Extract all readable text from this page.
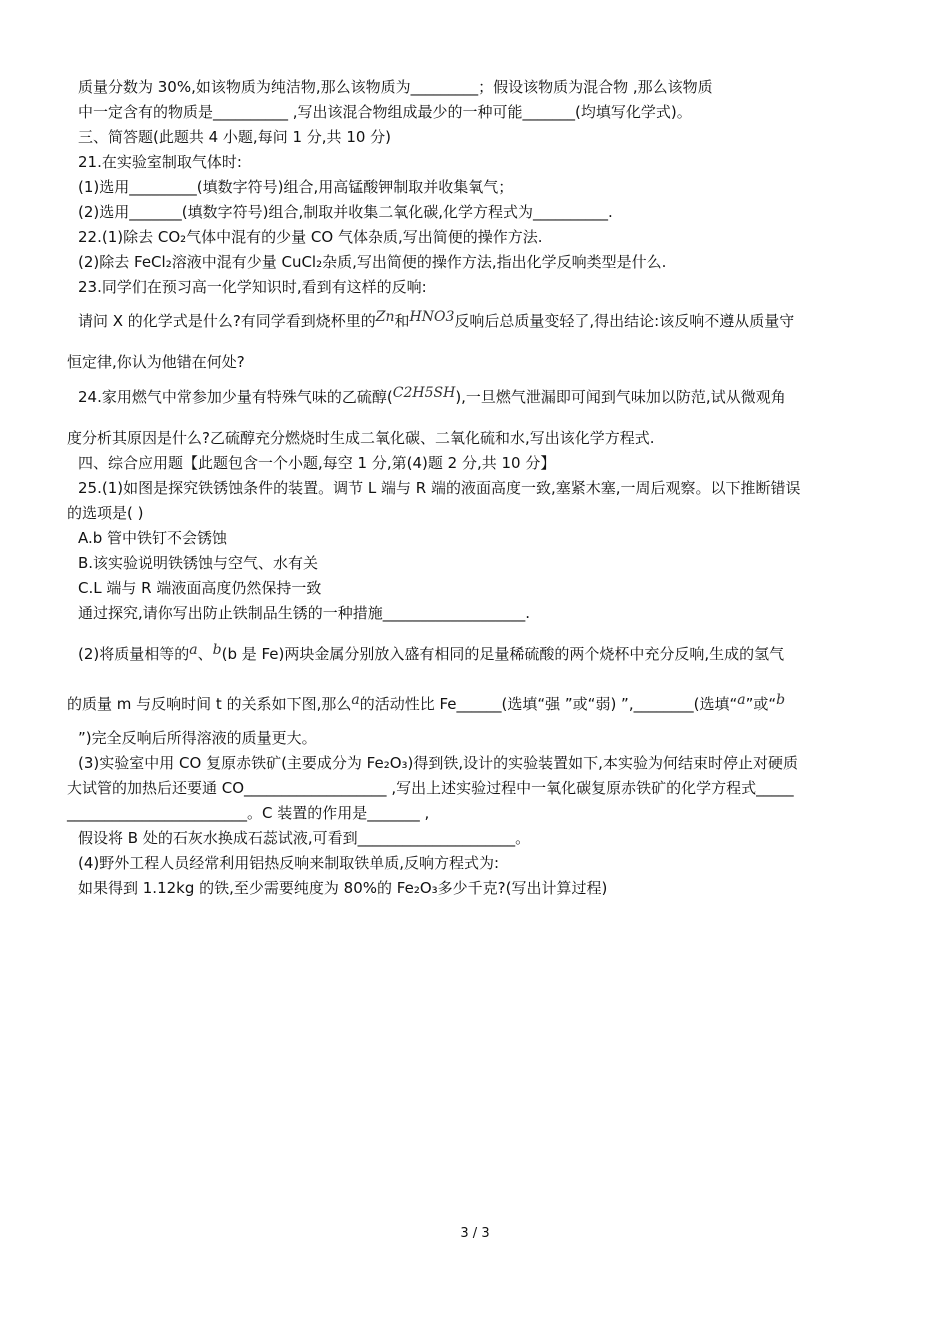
质量分数为 30%,如该物质为纯洁物,那么该物质为_________；假设该物质为混合物 ,那么该物质
中一定含有的物质是__________ ,写出该混合物组成最少的一种可能_______(均填写化学式)。
三、简答题(此题共 4 小题,每问 1 分,共 10 分)
21.在实验室制取气体时:
(1)选用_________(填数字符号)组合,用高锰酸钾制取并收集氧气；
(2)选用_______(填数字符号)组合,制取并收集二氧化碳,化学方程式为__________.
22.(1)除去 CO₂气体中混有的少量 CO 气体杂质,写出简便的操作方法.
(2)除去 FeCl₂溶液中混有少量 CuCl₂杂质,写出简便的操作方法,指出化学反响类型是什么.
23.同学们在预习高一化学知识时,看到有这样的反响:
请问 X 的化学式是什么?有同学看到烧杯里的Zn和HNO3反响后总质量变轻了,得出结论:该反响不遵从质量守
恒定律,你认为他错在何处?
24.家用燃气中常参加少量有特殊气味的乙硫醇(C2H5SH),一旦燃气泄漏即可闻到气味加以防范,试从微观角
度分析其原因是什么?乙硫醇充分燃烧时生成二氧化碳、二氧化硫和水,写出该化学方程式.
四、综合应用题【此题包含一个小题,每空 1 分,第(4)题 2 分,共 10 分】
25.(1)如图是探究铁锈蚀条件的装置。调节 L 端与 R 端的液面高度一致,塞紧木塞,一周后观察。以下推断错误
的选项是( )
A.b 管中铁钉不会锈蚀
B.该实验说明铁锈蚀与空气、水有关
C.L 端与 R 端液面高度仍然保持一致
通过探究,请你写出防止铁制品生锈的一种措施___________________.
(2)将质量相等的a、b(b 是 Fe)两块金属分别放入盛有相同的足量稀硫酸的两个烧杯中充分反响,生成的氢气
的质量 m 与反响时间 t 的关系如下图,那么a的活动性比 Fe______(选填“强 ”或“弱) ”,________(选填“a”或“b
”)完全反响后所得溶液的质量更大。
(3)实验室中用 CO 复原赤铁矿(主要成分为 Fe₂O₃)得到铁,设计的实验装置如下,本实验为何结束时停止对硬质
大试管的加热后还要通 CO___________________ ,写出上述实验过程中一氧化碳复原赤铁矿的化学方程式_____
________________________。C 装置的作用是_______ ,
假设将 B 处的石灰水换成石蕊试液,可看到_____________________。
(4)野外工程人员经常利用铝热反响来制取铁单质,反响方程式为:
如果得到 1.12kg 的铁,至少需要纯度为 80%的 Fe₂O₃多少千克?(写出计算过程)
3 / 3
